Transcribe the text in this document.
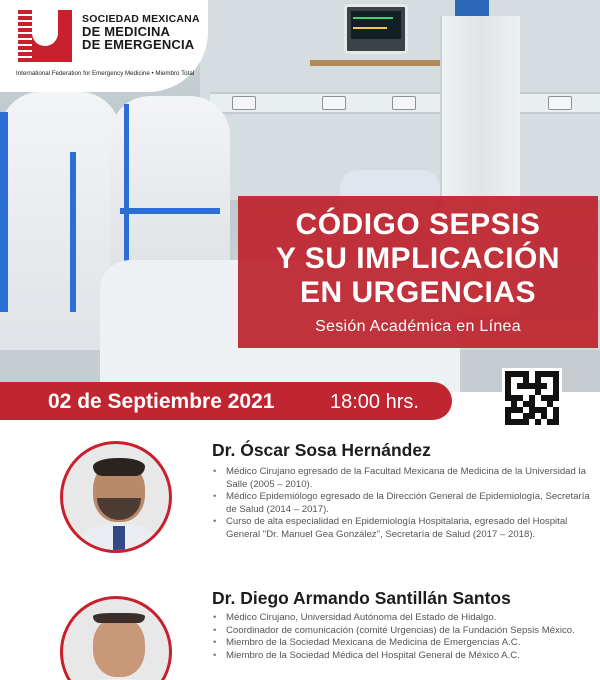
SOCIEDAD MEXICANA
DE MEDICINA
DE EMERGENCIA
International Federation for Emergency Medicine • Miembro Total
CÓDIGO SEPSIS
Y SU IMPLICACIÓN
EN URGENCIAS
Sesión Académica en Línea
02 de Septiembre 2021	18:00 hrs.
Dr. Óscar Sosa Hernández
• Médico Cirujano egresado de la Facultad Mexicana de Medicina de la Universidad la Salle (2005 – 2010).
• Médico Epidemiólogo egresado de la Dirección General de Epidemiología, Secretaría de Salud (2014 – 2017).
• Curso de alta especialidad en Epidemiología Hospitalaria, egresado del Hospital General "Dr. Manuel Gea González", Secretaría de Salud (2017 – 2018).
Dr. Diego Armando Santillán Santos
• Médico Cirujano, Universidad Autónoma del Estado de Hidalgo.
• Coordinador de comunicación (comité Urgencias) de la Fundación Sepsis México.
• Miembro de la Sociedad Mexicana de Medicina de Emergencias A.C.
• Miembro de la Sociedad Médica del Hospital General de México A.C.
